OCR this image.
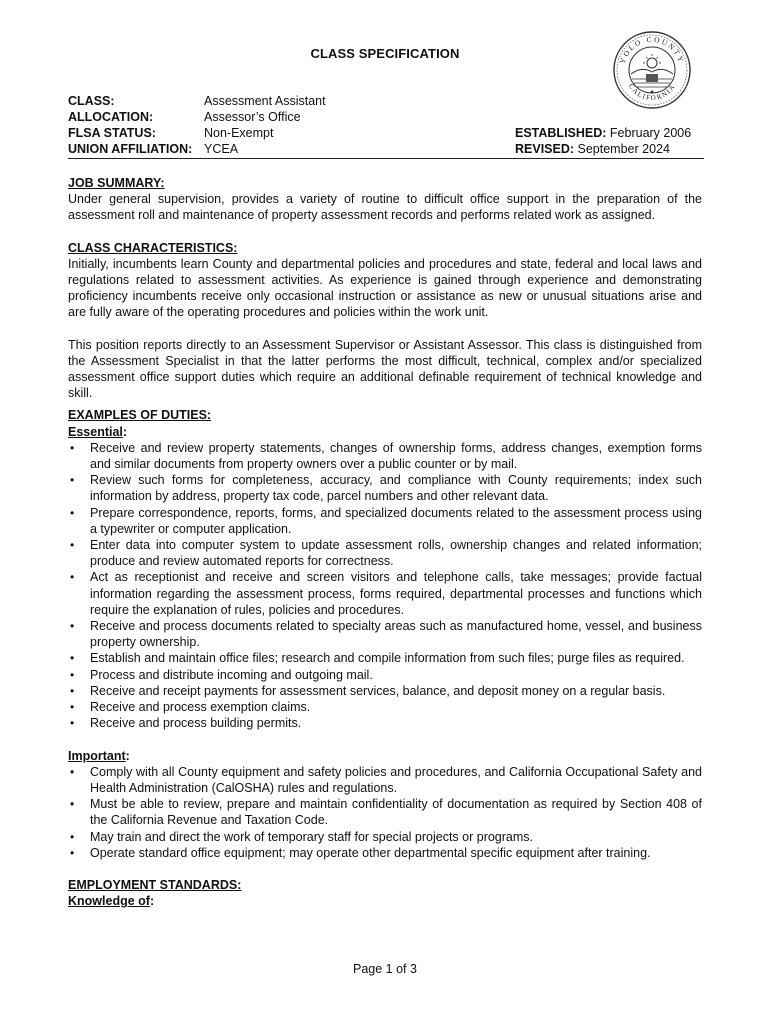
CLASS SPECIFICATION	YOLO COUNTY
CALIFORNIA
CLASS:	Assessment Assistant
ALLOCATION:	Assessor’s Office
FLSA STATUS:	Non-Exempt
UNION AFFILIATION: YCEA
ESTABLISHED: February 2006
REVISED: September 2024
JOB SUMMARY:

Under general supervision, provides a variety of routine to difficult office support in the preparation of the assessment roll and maintenance of property assessment records and performs related work as assigned.

CLASS CHARACTERISTICS:

Initially, incumbents learn County and departmental policies and procedures and state, federal and local laws and regulations related to assessment activities. As experience is gained through experience and demonstrating proficiency incumbents receive only occasional instruction or assistance as new or unusual situations arise and are fully aware of the operating procedures and policies within the work unit.

This position reports directly to an Assessment Supervisor or Assistant Assessor. This class is distinguished from the Assessment Specialist in that the latter performs the most difficult, technical, complex and/or specialized assessment office support duties which require an additional definable requirement of technical knowledge and skill.

EXAMPLES OF DUTIES:
Essential:
• Receive and review property statements, changes of ownership forms, address changes, exemption forms and similar documents from property owners over a public counter or by mail.
• Review such forms for completeness, accuracy, and compliance with County requirements; index such information by address, property tax code, parcel numbers and other relevant data.
• Prepare correspondence, reports, forms, and specialized documents related to the assessment process using a typewriter or computer application.
• Enter data into computer system to update assessment rolls, ownership changes and related information; produce and review automated reports for correctness.
• Act as receptionist and receive and screen visitors and telephone calls, take messages; provide factual information regarding the assessment process, forms required, departmental processes and functions which require the explanation of rules, policies and procedures.
• Receive and process documents related to specialty areas such as manufactured home, vessel, and business property ownership.
• Establish and maintain office files; research and compile information from such files; purge files as required.
• Process and distribute incoming and outgoing mail.
• Receive and receipt payments for assessment services, balance, and deposit money on a regular basis.
• Receive and process exemption claims.
• Receive and process building permits.
Important:
• Comply with all County equipment and safety policies and procedures, and California Occupational Safety and Health Administration (CalOSHA) rules and regulations.
• Must be able to review, prepare and maintain confidentiality of documentation as required by Section 408 of the California Revenue and Taxation Code.
• May train and direct the work of temporary staff for special projects or programs.
• Operate standard office equipment; may operate other departmental specific equipment after training.
EMPLOYMENT STANDARDS:
Knowledge of:
Page 1 of 3
